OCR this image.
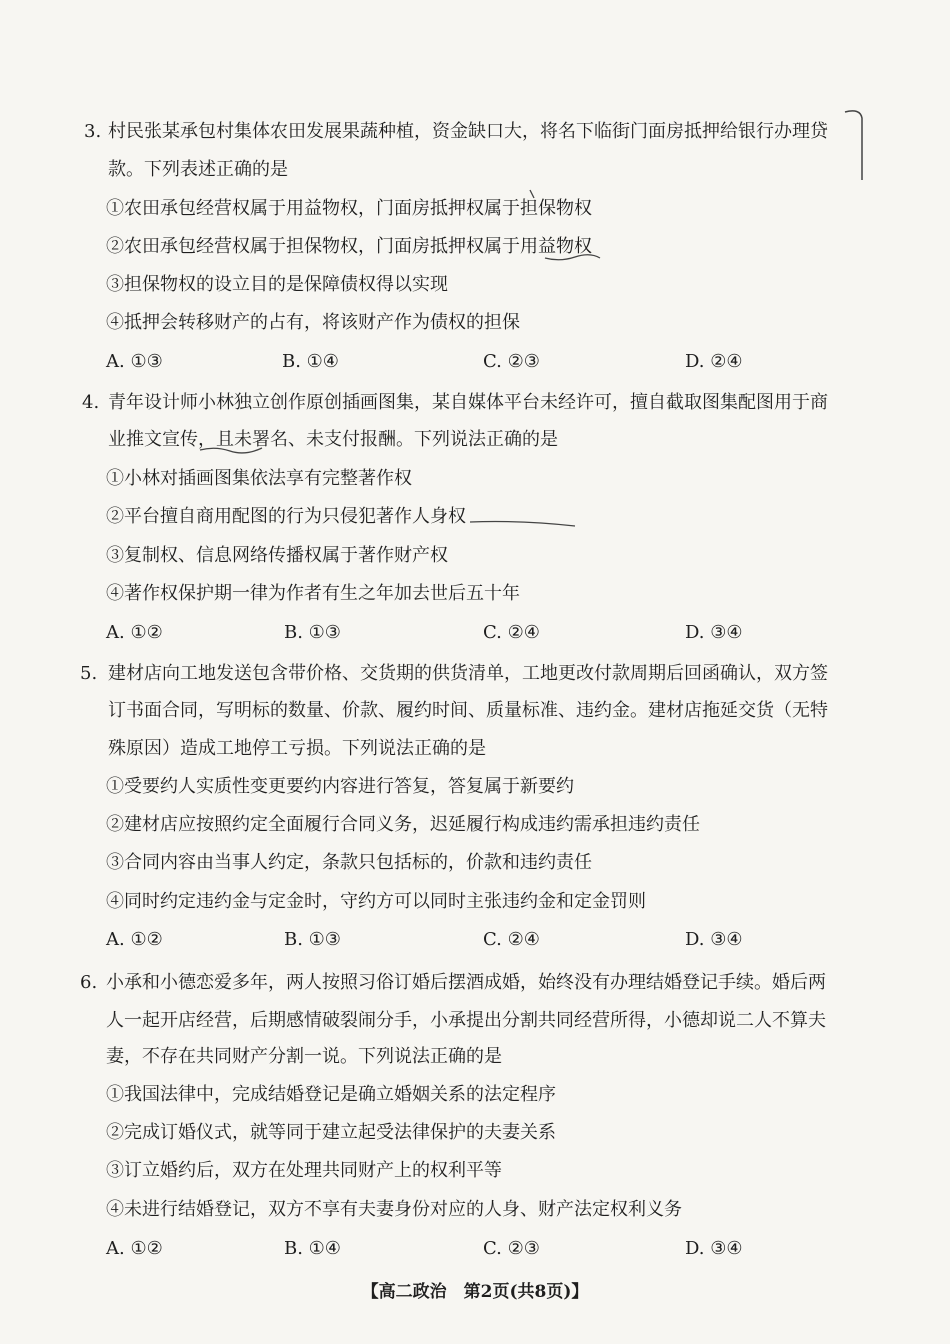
3. 村民张某承包村集体农田发展果蔬种植，资金缺口大，将名下临街门面房抵押给银行办理贷
款。下列表述正确的是
①农田承包经营权属于用益物权，门面房抵押权属于担保物权
②农田承包经营权属于担保物权，门面房抵押权属于用益物权
③担保物权的设立目的是保障债权得以实现
④抵押会转移财产的占有，将该财产作为债权的担保
A. ①③	B. ①④	C. ②③	D. ②④
4. 青年设计师小林独立创作原创插画图集，某自媒体平台未经许可，擅自截取图集配图用于商
业推文宣传，且未署名、未支付报酬。下列说法正确的是
①小林对插画图集依法享有完整著作权
②平台擅自商用配图的行为只侵犯著作人身权
③复制权、信息网络传播权属于著作财产权
④著作权保护期一律为作者有生之年加去世后五十年
A. ①②	B. ①③	C. ②④	D. ③④
5. 建材店向工地发送包含带价格、交货期的供货清单，工地更改付款周期后回函确认，双方签
订书面合同，写明标的数量、价款、履约时间、质量标准、违约金。建材店拖延交货（无特
殊原因）造成工地停工亏损。下列说法正确的是
①受要约人实质性变更要约内容进行答复，答复属于新要约
②建材店应按照约定全面履行合同义务，迟延履行构成违约需承担违约责任
③合同内容由当事人约定，条款只包括标的，价款和违约责任
④同时约定违约金与定金时，守约方可以同时主张违约金和定金罚则
A. ①②	B. ①③	C. ②④	D. ③④
6. 小承和小德恋爱多年，两人按照习俗订婚后摆酒成婚，始终没有办理结婚登记手续。婚后两
人一起开店经营，后期感情破裂闹分手，小承提出分割共同经营所得，小德却说二人不算夫
妻，不存在共同财产分割一说。下列说法正确的是
①我国法律中，完成结婚登记是确立婚姻关系的法定程序
②完成订婚仪式，就等同于建立起受法律保护的夫妻关系
③订立婚约后，双方在处理共同财产上的权利平等
④未进行结婚登记，双方不享有夫妻身份对应的人身、财产法定权利义务
A. ①②	B. ①④	C. ②③	D. ③④
【高二政治　第2页(共8页)】
